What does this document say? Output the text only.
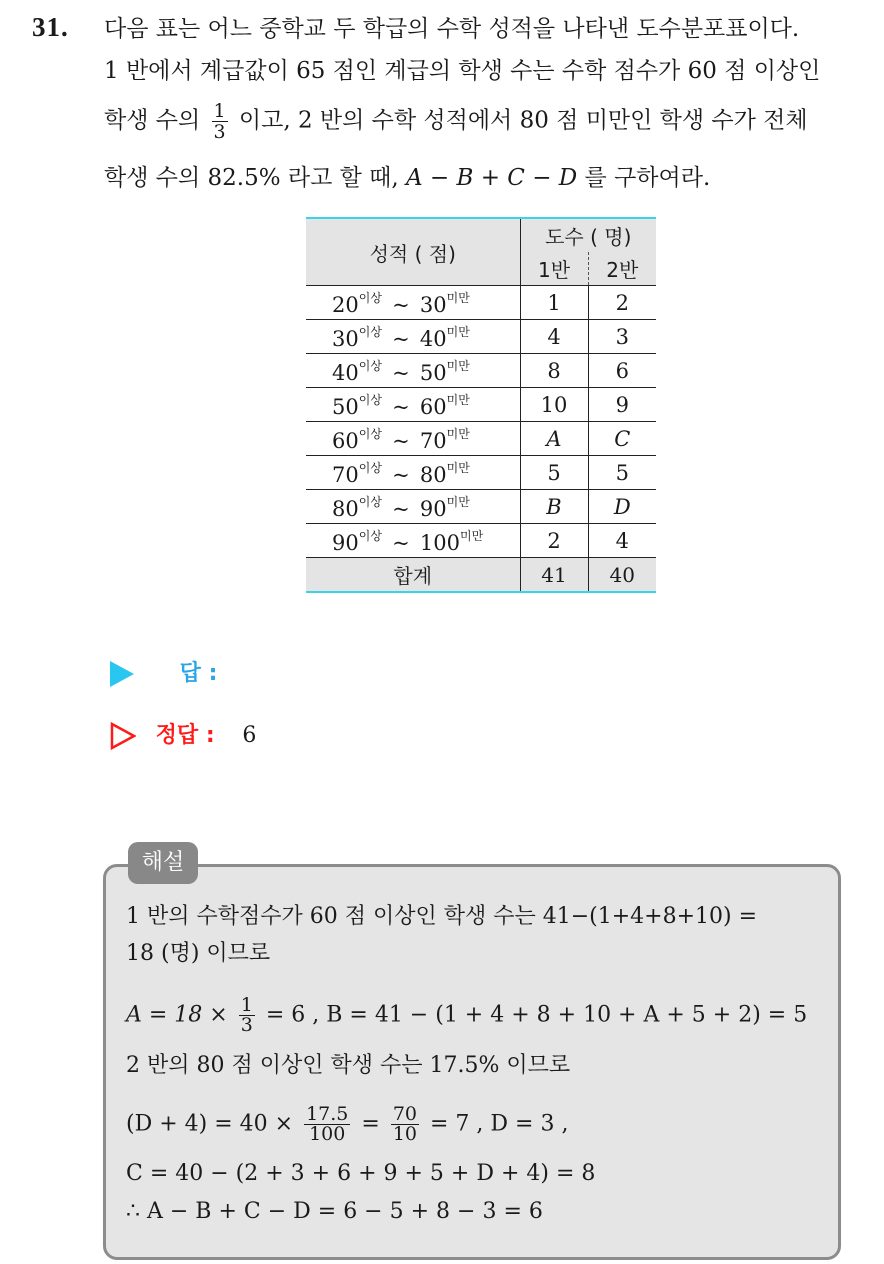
31. 다음 표는 어느 중학교 두 학급의 수학 성적을 나타낸 도수분포표이다.
1 반에서 계급값이 65 점인 계급의 학생 수는 수학 점수가 60 점 이상인
학생 수의 $\frac{1}{3}$ 이고, 2 반의 수학 성적에서 80 점 미만인 학생 수가 전체
학생 수의 82.5% 라고 할 때, A − B + C − D 를 구하여라.
성적 ( 점)	도수 ( 명)	
	1반	2반
$20^{이상}$ ~ $30^{미만}$	1	2
$30^{이상}$ ~ $40^{미만}$	4	3
$40^{이상}$ ~ $50^{미만}$	8	6
$50^{이상}$ ~ $60^{미만}$	10	9
$60^{이상}$ ~ $70^{미만}$	A	C
$70^{이상}$ ~ $80^{미만}$	5	5
$80^{이상}$ ~ $90^{미만}$	B	D
$90^{이상}$ ~ $100^{미만}$	2	4
합계	41	40
답 :
정답 : 6
해설
1 반의 수학점수가 60 점 이상인 학생 수는 41−(1+4+8+10) =
18 (명) 이므로
$A = 18 \times \frac{1}{3} = 6$ , B = 41 − (1 + 4 + 8 + 10 + A + 5 + 2) = 5
2 반의 80 점 이상인 학생 수는 17.5% 이므로
$(D + 4) = 40 \times \frac{17.5}{100} = \frac{70}{10} = 7$ , D = 3 ,
C = 40 − (2 + 3 + 6 + 9 + 5 + D + 4) = 8
∴ A − B + C − D = 6 − 5 + 8 − 3 = 6
